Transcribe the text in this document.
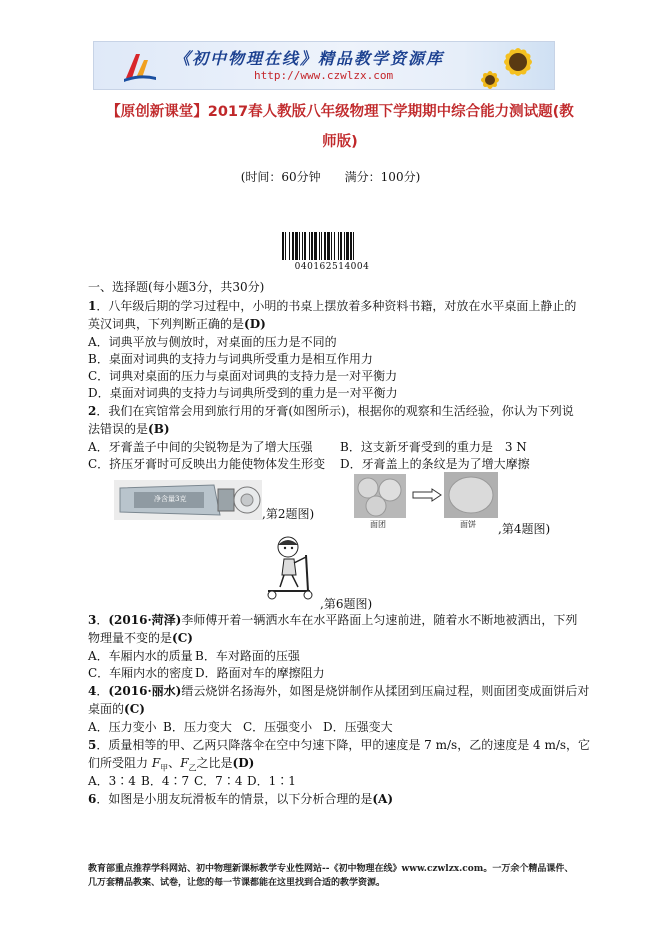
《初中物理在线》精品教学资源库
http://www.czwlzx.com
【原创新课堂】2017春人教版八年级物理下学期期中综合能力测试题(教师版)
(时间：60分钟　　满分：100分)
040162514004
一、选择题(每小题3分，共30分)
1．八年级后期的学习过程中，小明的书桌上摆放着多种资料书籍，对放在水平桌面上静止的
英汉词典，下列判断正确的是(D)
A．词典平放与侧放时，对桌面的压力是不同的
B．桌面对词典的支持力与词典所受重力是相互作用力
C．词典对桌面的压力与桌面对词典的支持力是一对平衡力
D．桌面对词典的支持力与词典所受到的重力是一对平衡力
2．我们在宾馆常会用到旅行用的牙膏(如图所示)，根据你的观察和生活经验，你认为下列说
法错误的是(B)
A．牙膏盖子中间的尖锐物是为了增大压强 B．这支新牙膏受到的重力是　3 N
C．挤压牙膏时可反映出力能使物体发生形变 D．牙膏盖上的条纹是为了增大摩擦
净含量3克
,第2题图)
面团	面饼 ,第4题图)
,第6题图)
3．(2016·菏泽)李师傅开着一辆洒水车在水平路面上匀速前进，随着水不断地被洒出，下列
物理量不变的是(C)
A．车厢内水的质量 B．车对路面的压强
C．车厢内水的密度 D．路面对车的摩擦阻力
4．(2016·丽水)缙云烧饼名扬海外，如图是烧饼制作从揉团到压扁过程，则面团变成面饼后对
桌面的(C)
A．压力变小 B．压力变大 C．压强变小 D．压强变大
5．质量相等的甲、乙两只降落伞在空中匀速下降，甲的速度是 7 m/s，乙的速度是 4 m/s，它
们所受阻力 $F_甲$、$F_乙$之比是(D)
A．3∶4 B．4∶7 C．7∶4 D．1∶1
6．如图是小朋友玩滑板车的情景，以下分析合理的是(A)
教育部重点推荐学科网站、初中物理新课标教学专业性网站--《初中物理在线》www.czwlzx.com。一万余个精品课件、
几万套精品教案、试卷，让您的每一节课都能在这里找到合适的教学资源。
